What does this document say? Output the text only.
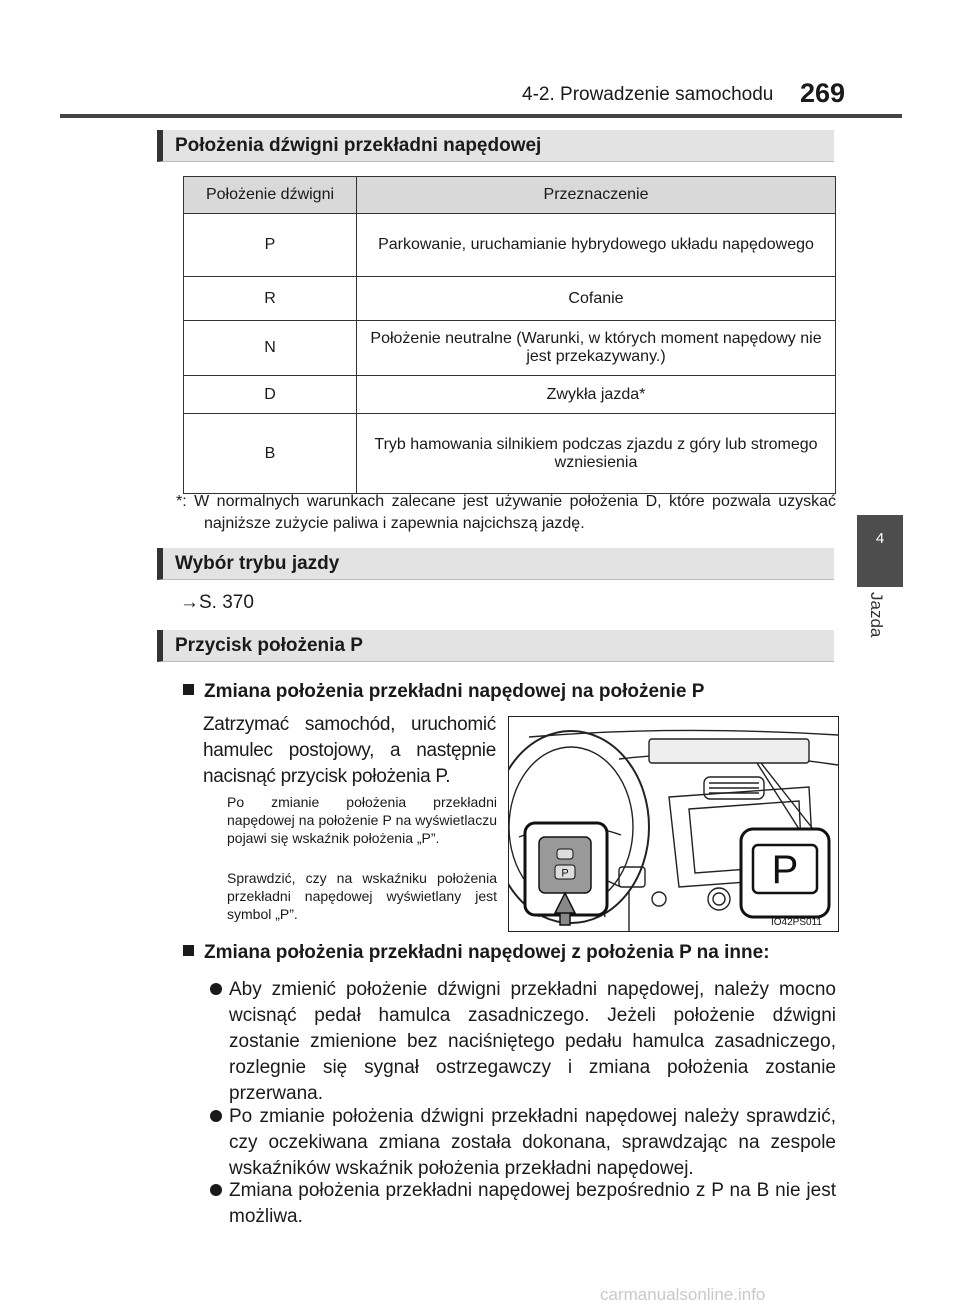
4-2. Prowadzenie samochodu 269
4
Jazda
Położenia dźwigni przekładni napędowej
Położenie dźwigni	Przeznaczenie
P	Parkowanie, uruchamianie hybrydowego układu napędowego
R	Cofanie
N	Położenie neutralne (Warunki, w których moment napędowy nie jest przekazywany.)
D	Zwykła jazda*
B	Tryb hamowania silnikiem podczas zjazdu z góry lub stromego wzniesienia
*: W normalnych warunkach zalecane jest używanie położenia D, które pozwala uzyskać najniższe zużycie paliwa i zapewnia najcichszą jazdę.
Wybór trybu jazdy
→S. 370
Przycisk położenia P
Zmiana położenia przekładni napędowej na położenie P
Zatrzymać samochód, uruchomić hamulec postojowy, a następnie nacisnąć przycisk położenia P.
Po zmianie położenia przekładni napędowej na położenie P na wyświetlaczu pojawi się wskaźnik położenia „P”.
Sprawdzić, czy na wskaźniku położenia przekładni napędowej wyświetlany jest symbol „P”.
P	P
IO42PS011
Zmiana położenia przekładni napędowej z położenia P na inne:
Aby zmienić położenie dźwigni przekładni napędowej, należy mocno wcisnąć pedał hamulca zasadniczego. Jeżeli położenie dźwigni zostanie zmienione bez naciśniętego pedału hamulca zasadniczego, rozlegnie się sygnał ostrzegawczy i zmiana położenia zostanie przerwana.
Po zmianie położenia dźwigni przekładni napędowej należy sprawdzić, czy oczekiwana zmiana została dokonana, sprawdzając na zespole wskaźników wskaźnik położenia przekładni napędowej.
Zmiana położenia przekładni napędowej bezpośrednio z P na B nie jest możliwa.
carmanualsonline.info
